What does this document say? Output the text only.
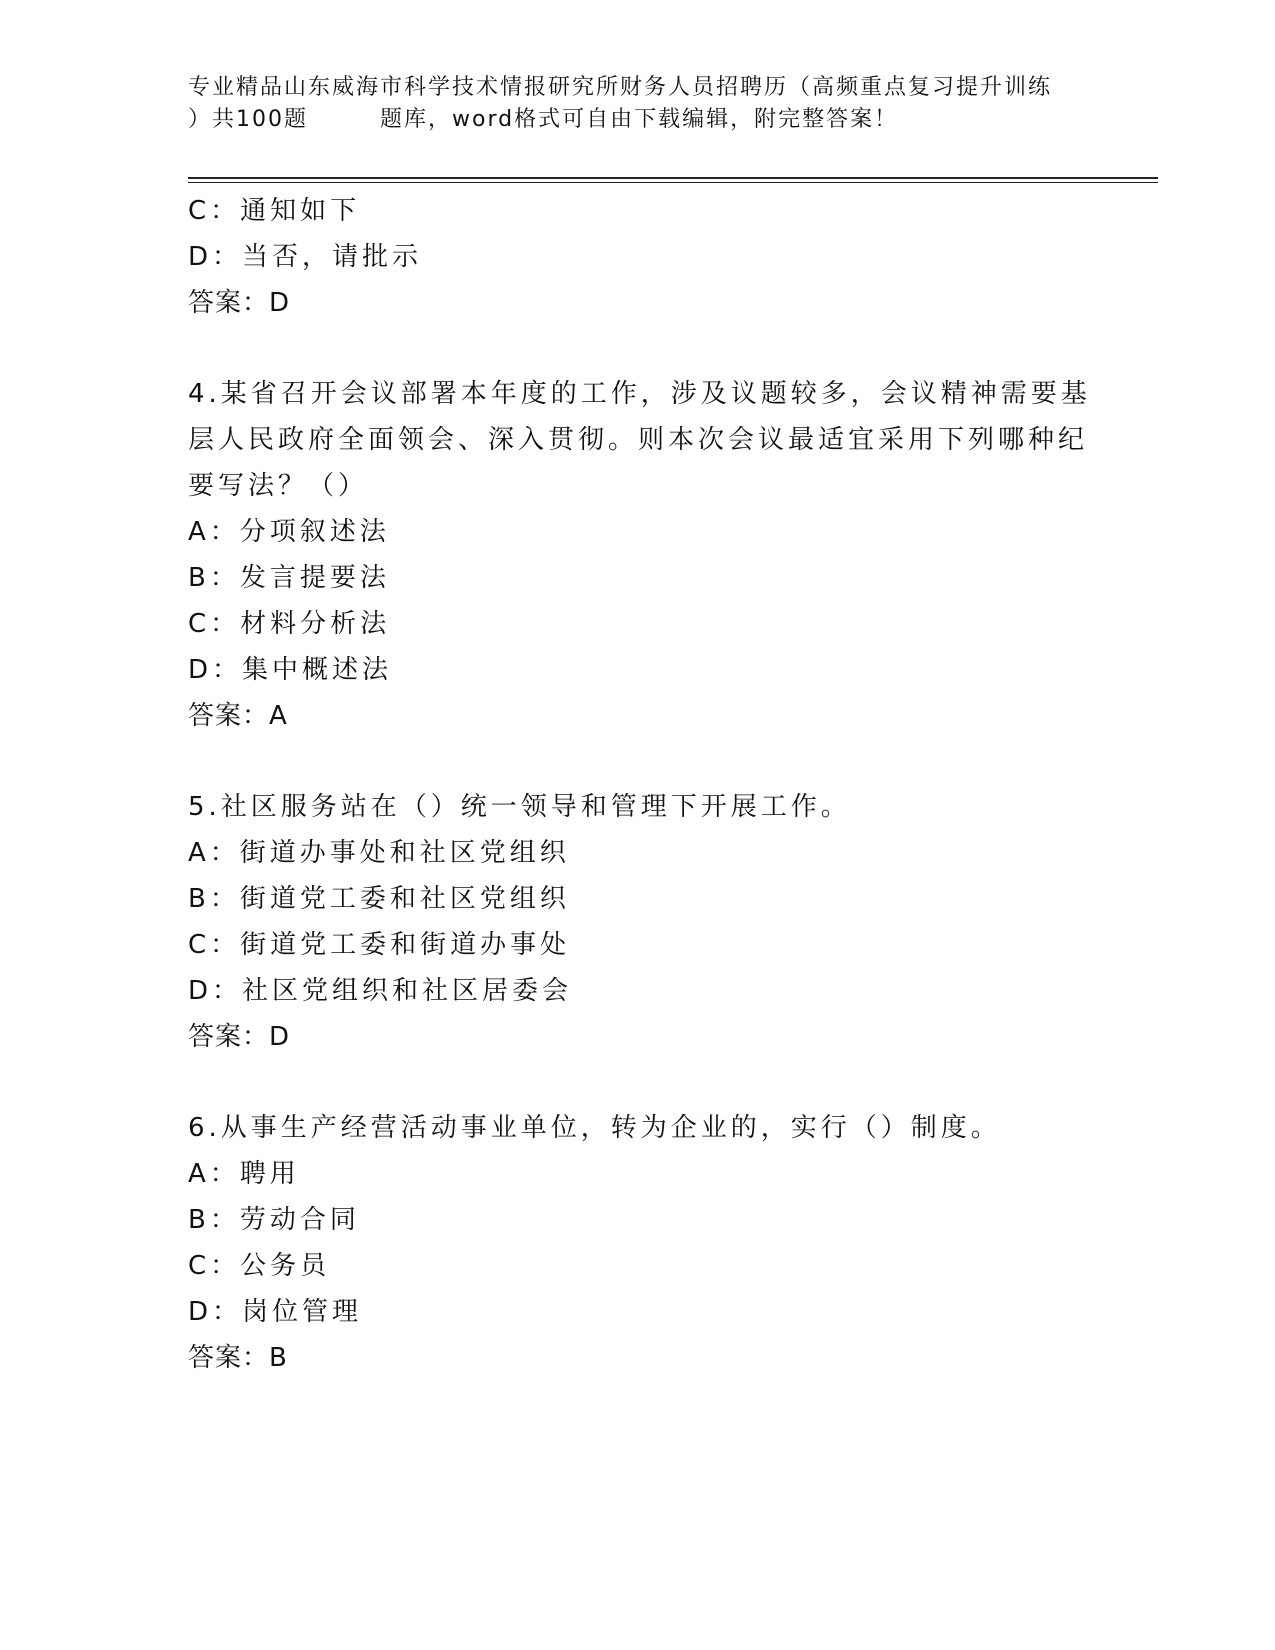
专业精品山东威海市科学技术情报研究所财务人员招聘历（高频重点复习提升训练
）共100题	题库，word格式可自由下载编辑，附完整答案！
C：通知如下
D：当否，请批示
答案：D
4.某省召开会议部署本年度的工作，涉及议题较多，会议精神需要基
层人民政府全面领会、深入贯彻。则本次会议最适宜采用下列哪种纪
要写法？（）
A：分项叙述法
B：发言提要法
C：材料分析法
D：集中概述法
答案：A
5.社区服务站在（）统一领导和管理下开展工作。
A：街道办事处和社区党组织
B：街道党工委和社区党组织
C：街道党工委和街道办事处
D：社区党组织和社区居委会
答案：D
6.从事生产经营活动事业单位，转为企业的，实行（）制度。
A：聘用
B：劳动合同
C：公务员
D：岗位管理
答案：B
